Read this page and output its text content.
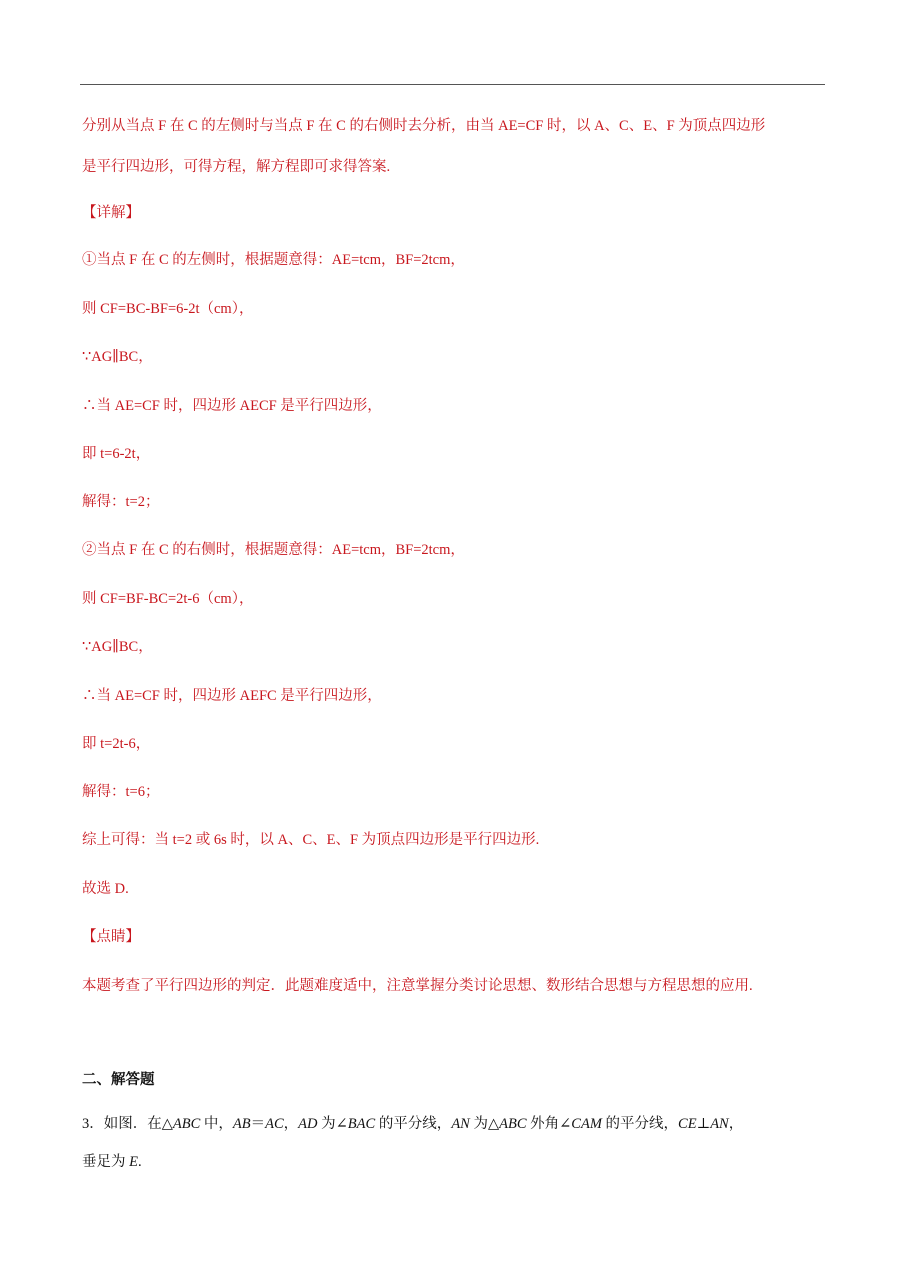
分别从当点 F 在 C 的左侧时与当点 F 在 C 的右侧时去分析，由当 AE=CF 时，以 A、C、E、F 为顶点四边形
是平行四边形，可得方程，解方程即可求得答案.
【详解】
①当点 F 在 C 的左侧时，根据题意得：AE=tcm，BF=2tcm，
则 CF=BC-BF=6-2t（cm），
∵AG∥BC，
∴当 AE=CF 时，四边形 AECF 是平行四边形，
即 t=6-2t，
解得：t=2；
②当点 F 在 C 的右侧时，根据题意得：AE=tcm，BF=2tcm，
则 CF=BF-BC=2t-6（cm），
∵AG∥BC，
∴当 AE=CF 时，四边形 AEFC 是平行四边形，
即 t=2t-6，
解得：t=6；
综上可得：当 t=2 或 6s 时，以 A、C、E、F 为顶点四边形是平行四边形.
故选 D.
【点睛】
本题考查了平行四边形的判定．此题难度适中，注意掌握分类讨论思想、数形结合思想与方程思想的应用.
二、解答题
3．如图．在△ABC 中，AB＝AC，AD 为∠BAC 的平分线，AN 为△ABC 外角∠CAM 的平分线，CE⊥AN，
垂足为 E.
